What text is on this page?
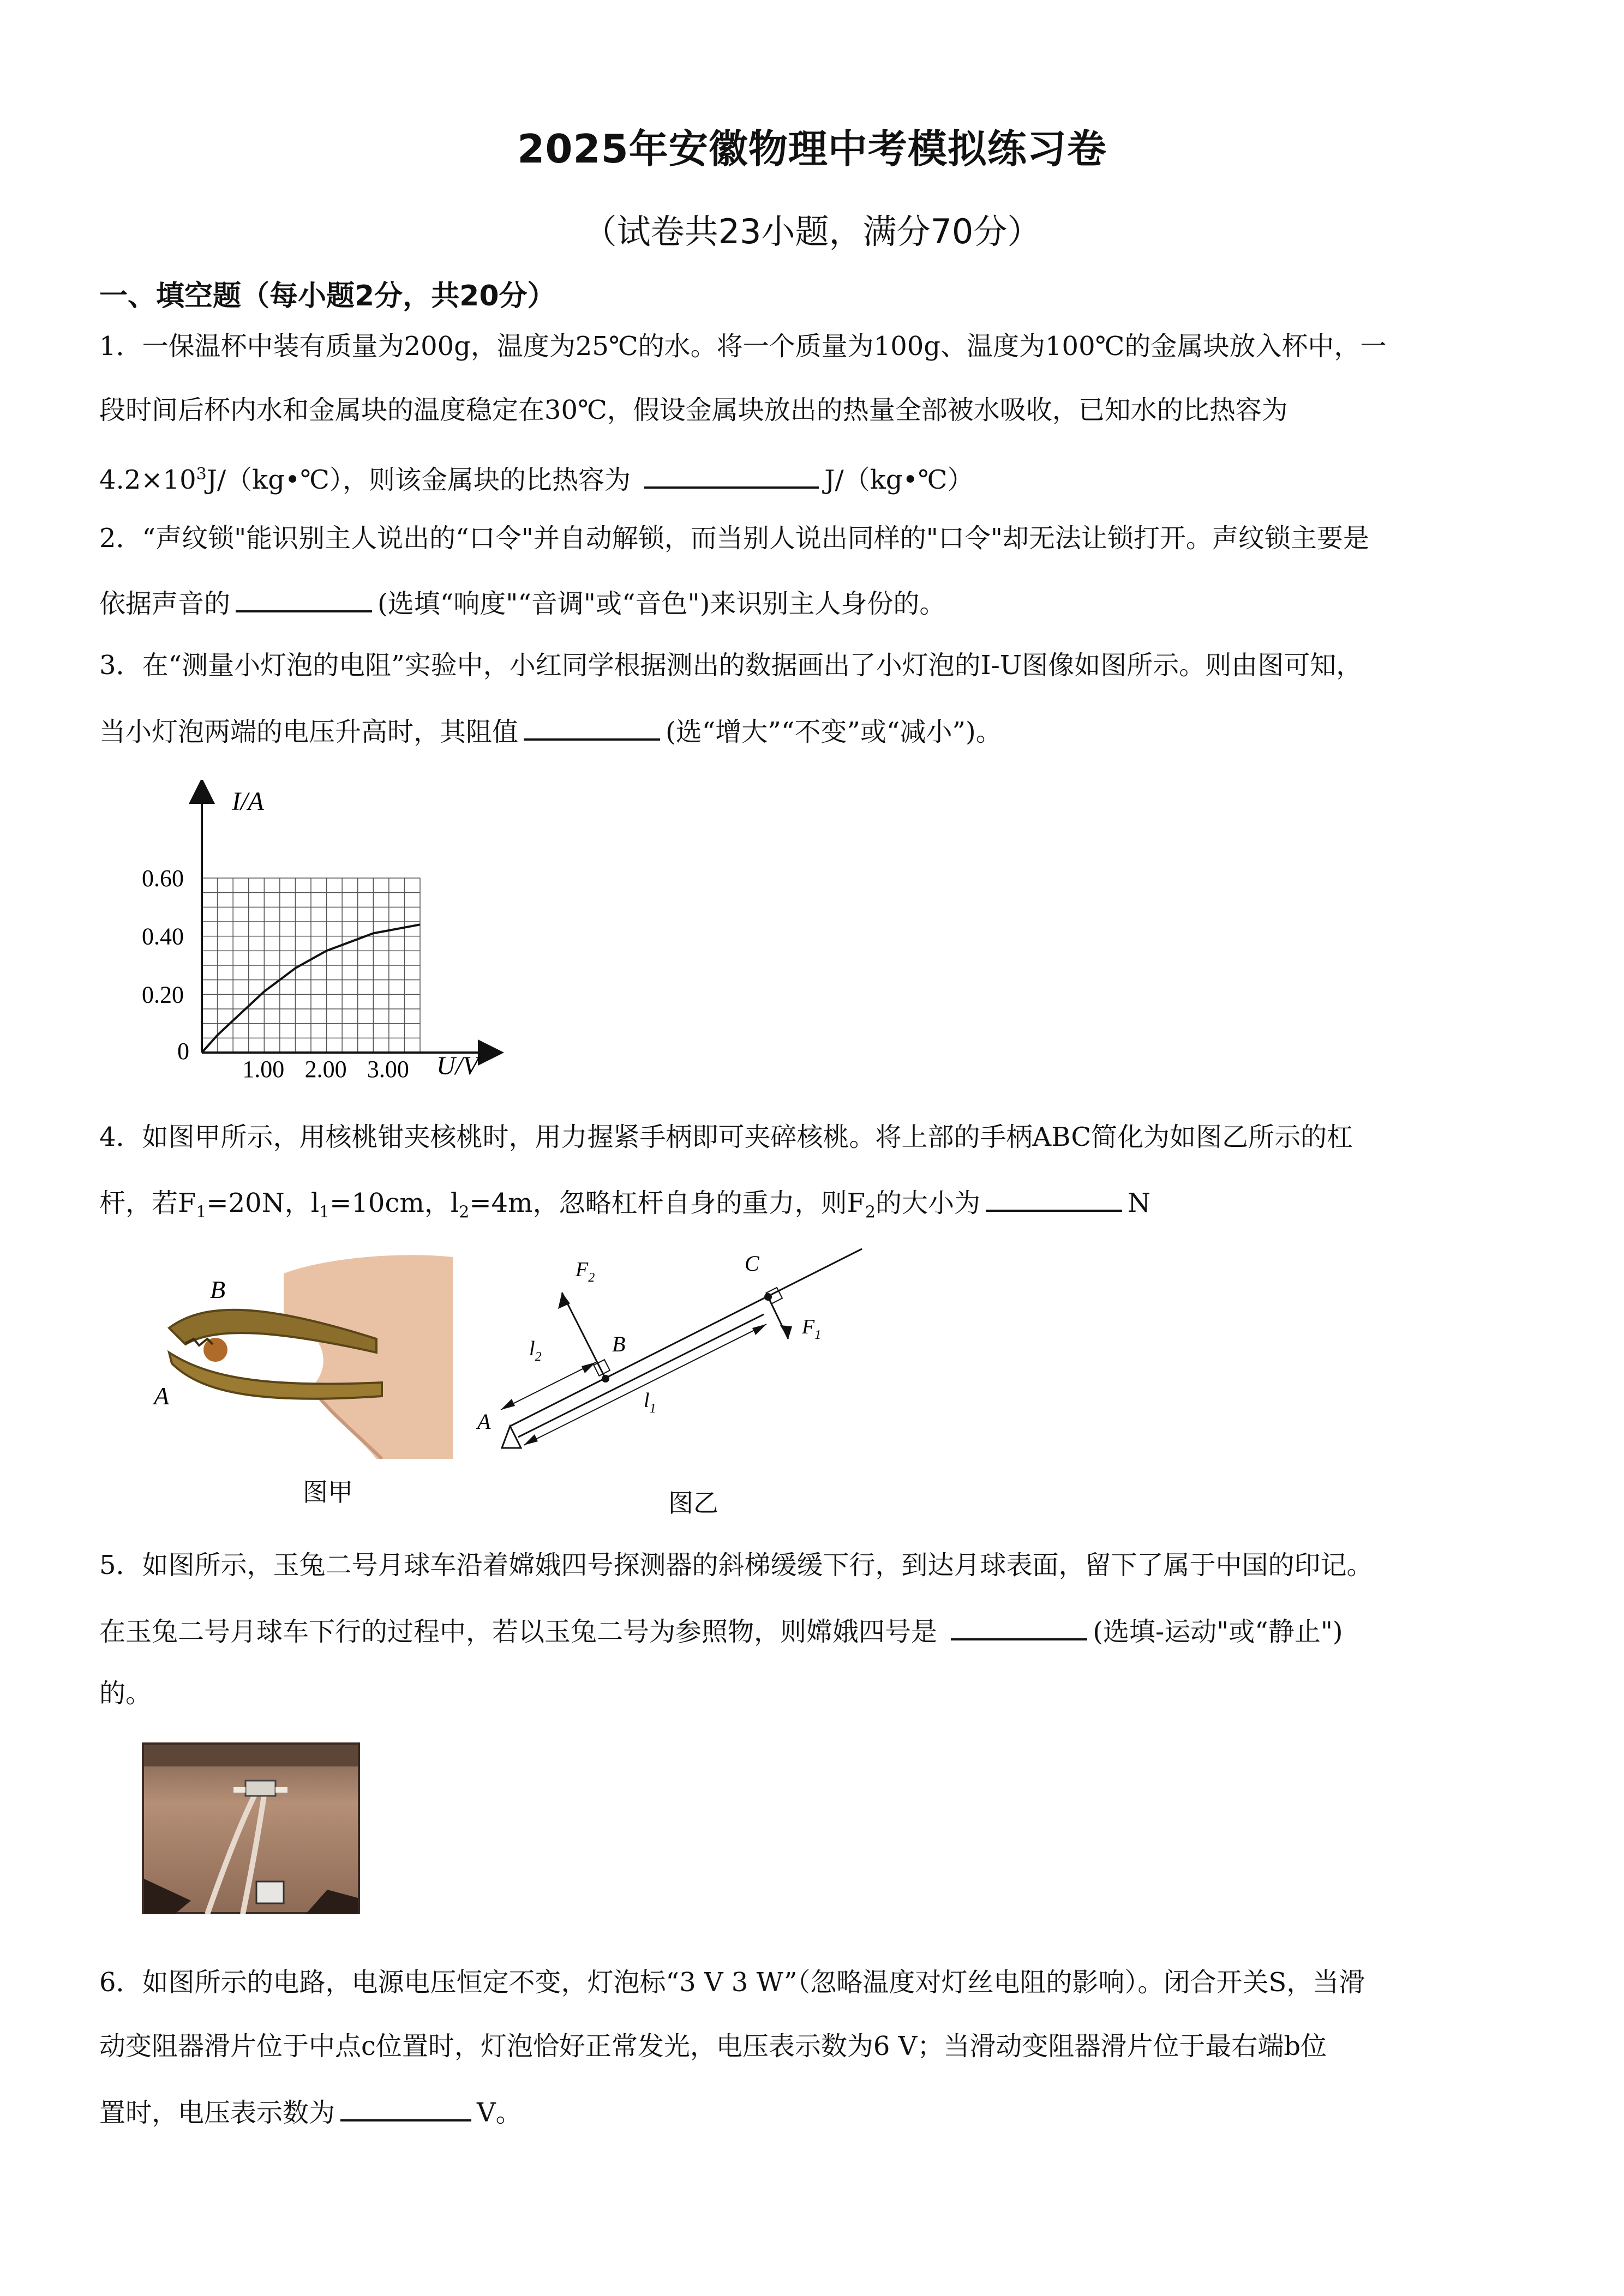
2025年安徽物理中考模拟练习卷
（试卷共23小题，满分70分）
一、填空题（每小题2分，共20分）
1．一保温杯中装有质量为200g，温度为25℃的水。将一个质量为100g、温度为100℃的金属块放入杯中，一
段时间后杯内水和金属块的温度稳定在30℃，假设金属块放出的热量全部被水吸收，已知水的比热容为
$4.2\times 10^3J/(kg•℃)$，则该金属块的比热容为	J/（kg•℃）
2．“声纹锁"能识别主人说出的“口令"并自动解锁，而当别人说出同样的"口令"却无法让锁打开。声纹锁主要是
依据声音的	(选填“响度"“音调"或“音色")来识别主人身份的。
3．在“测量小灯泡的电阻”实验中，小红同学根据测出的数据画出了小灯泡的I-U图像如图所示。则由图可知，
当小灯泡两端的电压升高时，其阻值	(选“增大”“不变”或“减小”)。
I/A
U/V
0
1.00 2.00 3.00
0.20
0.40
0.60
4．如图甲所示，用核桃钳夹核桃时，用力握紧手柄即可夹碎核桃。将上部的手柄ABC简化为如图乙所示的杠
杆，若$F_1=20N$，$l_1=10cm$，$l_2=4m$，忽略杠杆自身的重力，则$F_2$的大小为	N
B
A
图甲
A
B
C
$F_2$
$F_1$
$l_2$
$l_1$
图乙
5．如图所示，玉兔二号月球车沿着嫦娥四号探测器的斜梯缓缓下行，到达月球表面，留下了属于中国的印记。
在玉兔二号月球车下行的过程中，若以玉兔二号为参照物，则嫦娥四号是	(选填-运动"或“静止")
的。
6．如图所示的电路，电源电压恒定不变，灯泡标“3 V 3 W”（忽略温度对灯丝电阻的影响）。闭合开关S，当滑
动变阻器滑片位于中点c位置时，灯泡恰好正常发光，电压表示数为6 V；当滑动变阻器滑片位于最右端b位
置时，电压表示数为	V。
